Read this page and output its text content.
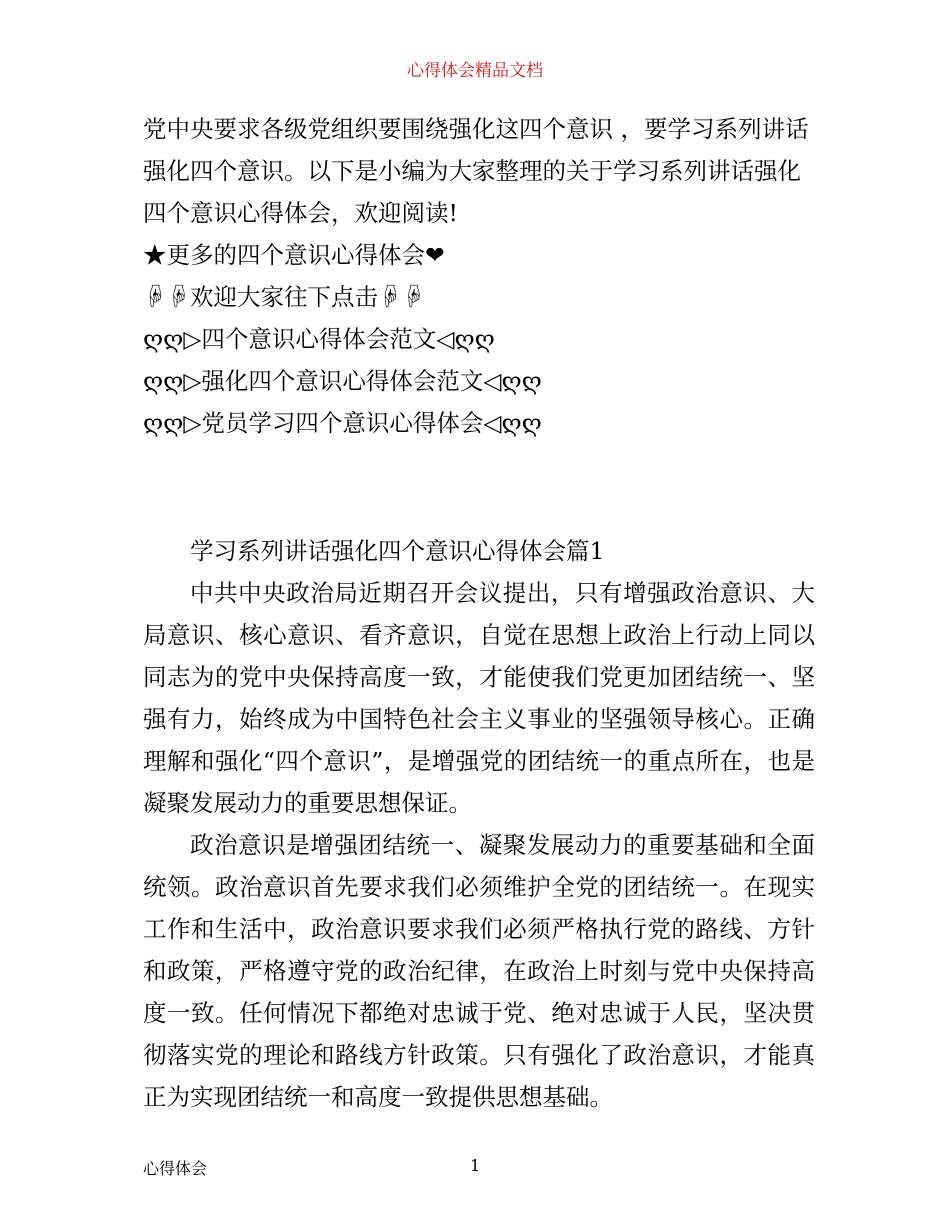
心得体会精品文档

党中央要求各级党组织要围绕强化这四个意识 ，要学习系列讲话强化四个意识。以下是小编为大家整理的关于学习系列讲话强化四个意识心得体会，欢迎阅读!

★更多的四个意识心得体会❤
☟☟欢迎大家往下点击☟☟
ღღ▷四个意识心得体会范文◁ღღ
ღღ▷强化四个意识心得体会范文◁ღღ
ღღ▷党员学习四个意识心得体会◁ღღ

学习系列讲话强化四个意识心得体会篇1

中共中央政治局近期召开会议提出，只有增强政治意识、大局意识、核心意识、看齐意识，自觉在思想上政治上行动上同以同志为的党中央保持高度一致，才能使我们党更加团结统一、坚强有力，始终成为中国特色社会主义事业的坚强领导核心。正确理解和强化“四个意识”，是增强党的团结统一的重点所在，也是凝聚发展动力的重要思想保证。

政治意识是增强团结统一、凝聚发展动力的重要基础和全面统领。政治意识首先要求我们必须维护全党的团结统一。在现实工作和生活中，政治意识要求我们必须严格执行党的路线、方针和政策，严格遵守党的政治纪律，在政治上时刻与党中央保持高度一致。任何情况下都绝对忠诚于党、绝对忠诚于人民，坚决贯彻落实党的理论和路线方针政策。只有强化了政治意识，才能真正为实现团结统一和高度一致提供思想基础。

心得体会	1
